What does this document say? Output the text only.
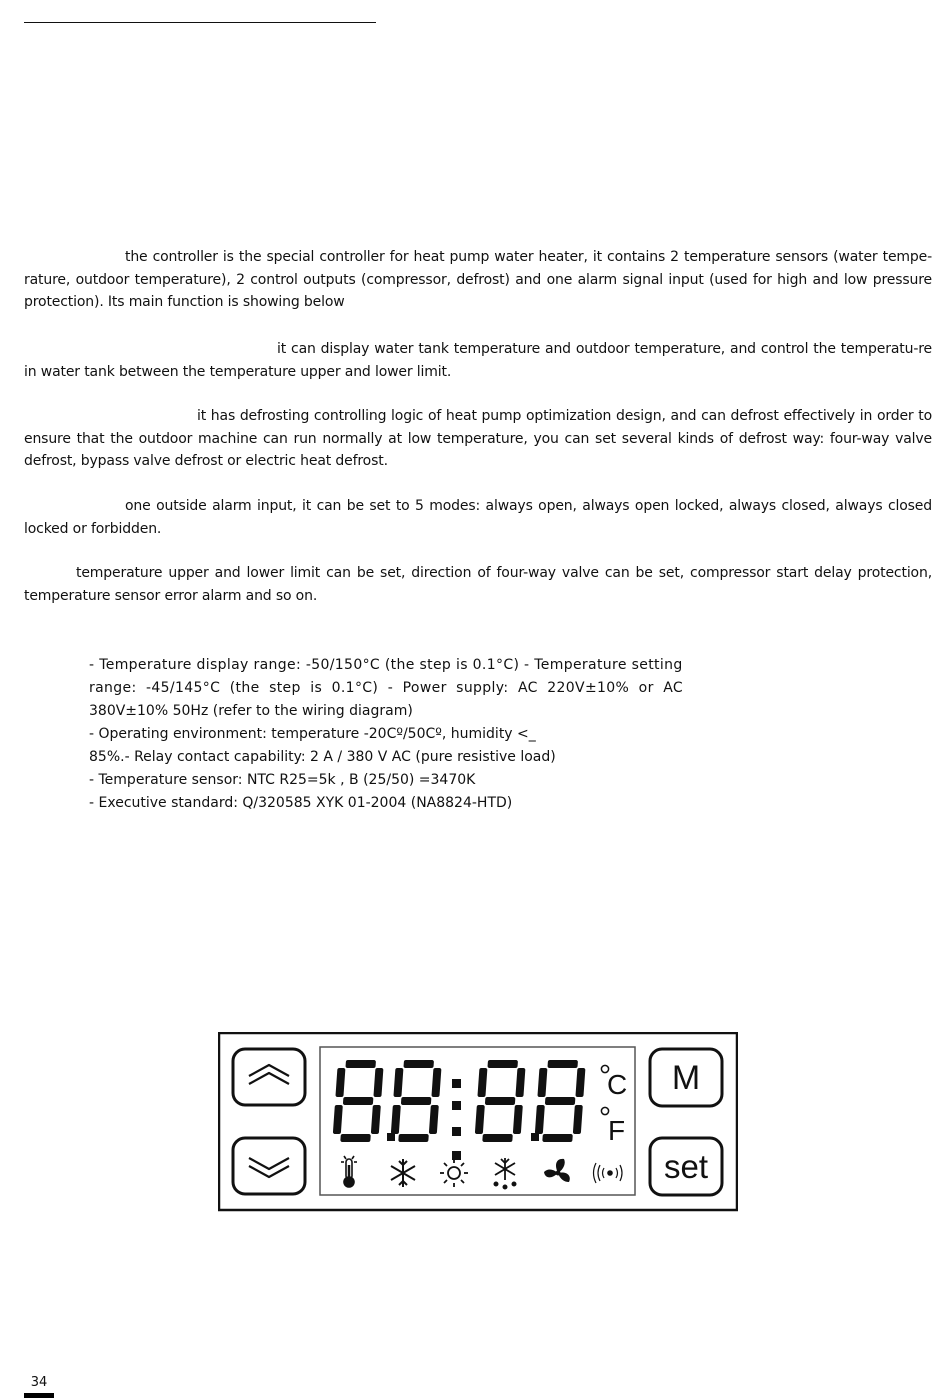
the controller is the special controller for heat pump water heater, it contains 2 temperature sensors (water tempe-rature, outdoor temperature), 2 control outputs (compressor, defrost) and one alarm signal input (used for high and low pressure protection). Its main function is showing below

it can display water tank temperature and outdoor temperature, and control the temperatu-re in water tank between the temperature upper and lower limit.

it has defrosting controlling logic of heat pump optimization design, and can defrost effectively in order to ensure that the outdoor machine can run normally at low temperature, you can set several kinds of defrost way: four-way valve defrost, bypass valve defrost or electric heat defrost.

one outside alarm input, it can be set to 5 modes: always open, always open locked, always closed, always closed locked or forbidden.

temperature upper and lower limit can be set, direction of four-way valve can be set, compressor start delay protection, temperature sensor error alarm and so on.

- Temperature display range: -50/150°C (the step is 0.1°C) - Temperature setting
range: -45/145°C (the step is 0.1°C) - Power supply: AC 220V±10% or AC
380V±10% 50Hz (refer to the wiring diagram)
- Operating environment: temperature -20Cº/50Cº, humidity <_
85%.- Relay contact capability: 2 A / 380 V AC (pure resistive load)
- Temperature sensor: NTC R25=5k , B (25/50) =3470K
- Executive standard: Q/320585 XYK 01-2004 (NA8824-HTD)
C
F
M
set
34
